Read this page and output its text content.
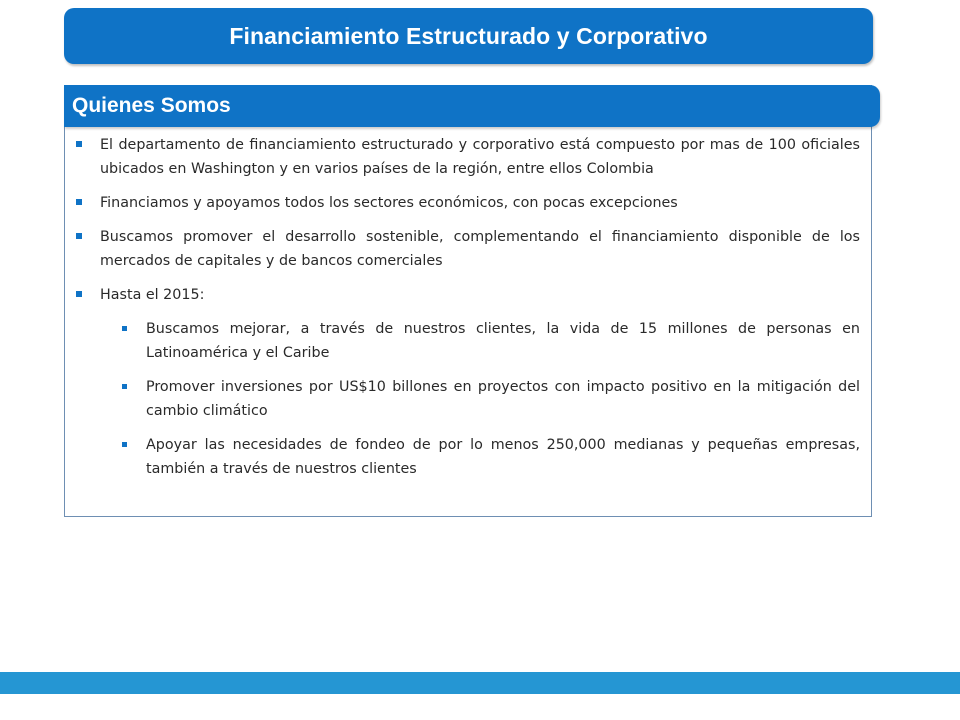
Financiamiento Estructurado y Corporativo
Quienes Somos
El departamento de financiamiento estructurado y corporativo está compuesto por mas de 100 oficiales ubicados en Washington y en varios países de la región, entre ellos Colombia
Financiamos y apoyamos todos los sectores económicos, con pocas excepciones
Buscamos promover el desarrollo sostenible, complementando el financiamiento disponible de los mercados de capitales y de bancos comerciales
Hasta el 2015:
Buscamos mejorar, a través de nuestros clientes, la vida de 15 millones de personas en Latinoamérica y el Caribe
Promover inversiones por US$10 billones en proyectos con impacto positivo en la mitigación del cambio climático
Apoyar las necesidades de fondeo de por lo menos 250,000 medianas y pequeñas empresas, también a través de nuestros clientes
